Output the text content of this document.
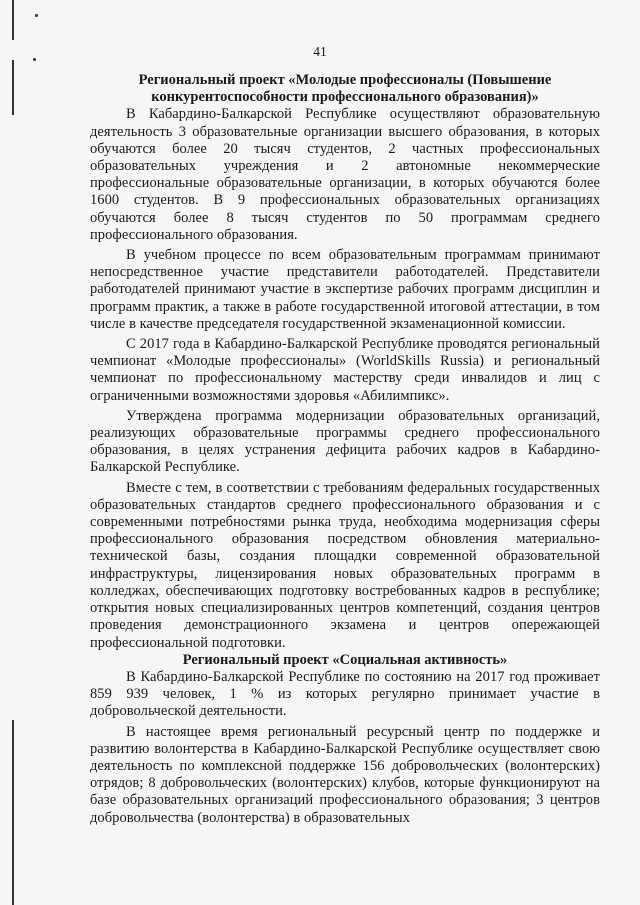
41
Региональный проект «Молодые профессионалы (Повышение конкурентоспособности профессионального образования)»

В Кабардино-Балкарской Республике осуществляют образовательную деятельность 3 образовательные организации высшего образования, в которых обучаются более 20 тысяч студентов, 2 частных профессиональных образовательных учреждения и 2 автономные некоммерческие профессиональные образовательные организации, в которых обучаются более 1600 студентов. В 9 профессиональных образовательных организациях обучаются более 8 тысяч студентов по 50 программам среднего профессионального образования.

В учебном процессе по всем образовательным программам принимают непосредственное участие представители работодателей. Представители работодателей принимают участие в экспертизе рабочих программ дисциплин и программ практик, а также в работе государственной итоговой аттестации, в том числе в качестве председателя государственной экзаменационной комиссии.

С 2017 года в Кабардино-Балкарской Республике проводятся региональный чемпионат «Молодые профессионалы» (WorldSkills Russia) и региональный чемпионат по профессиональному мастерству среди инвалидов и лиц с ограниченными возможностями здоровья «Абилимпикс».

Утверждена программа модернизации образовательных организаций, реализующих образовательные программы среднего профессионального образования, в целях устранения дефицита рабочих кадров в Кабардино-Балкарской Республике.

Вместе с тем, в соответствии с требованиям федеральных государственных образовательных стандартов среднего профессионального образования и с современными потребностями рынка труда, необходима модернизация сферы профессионального образования посредством обновления материально-технической базы, создания площадки современной образовательной инфраструктуры, лицензирования новых образовательных программ в колледжах, обеспечивающих подготовку востребованных кадров в республике; открытия новых специализированных центров компетенций, создания центров проведения демонстрационного экзамена и центров опережающей профессиональной подготовки.

Региональный проект «Социальная активность»

В Кабардино-Балкарской Республике по состоянию на 2017 год проживает 859 939 человек, 1 % из которых регулярно принимает участие в добровольческой деятельности.

В настоящее время региональный ресурсный центр по поддержке и развитию волонтерства в Кабардино-Балкарской Республике осуществляет свою деятельность по комплексной поддержке 156 добровольческих (волонтерских) отрядов; 8 добровольческих (волонтерских) клубов, которые функционируют на базе образовательных организаций профессионального образования; 3 центров добровольчества (волонтерства) в образовательных
